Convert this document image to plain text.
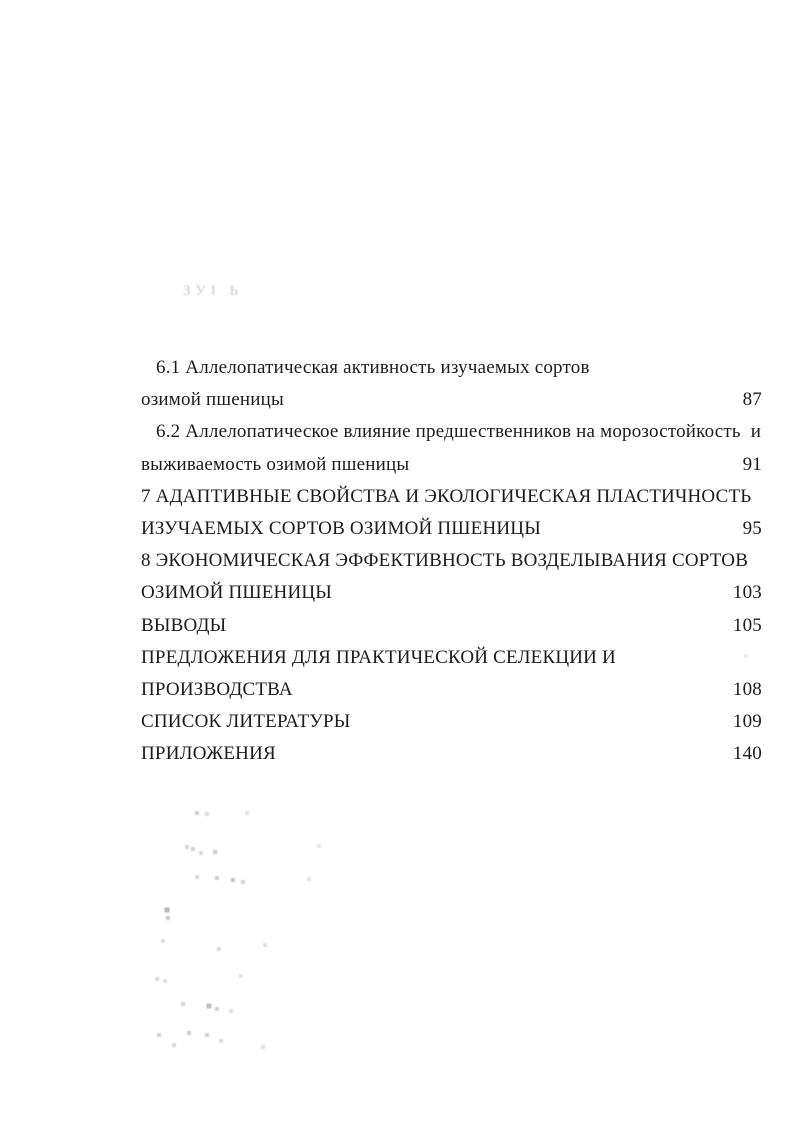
ЗУІ Ь
6.1 Аллелопатическая активность изучаемых сортов
озимой пшеницы	87
6.2 Аллелопатическое влияние предшественников на морозостойкость  и
выживаемость озимой пшеницы	91
7 АДАПТИВНЫЕ СВОЙСТВА И ЭКОЛОГИЧЕСКАЯ ПЛАСТИЧНОСТЬ
ИЗУЧАЕМЫХ СОРТОВ ОЗИМОЙ ПШЕНИЦЫ	95
8 ЭКОНОМИЧЕСКАЯ ЭФФЕКТИВНОСТЬ ВОЗДЕЛЫВАНИЯ СОРТОВ
ОЗИМОЙ ПШЕНИЦЫ	103
ВЫВОДЫ	105
ПРЕДЛОЖЕНИЯ ДЛЯ ПРАКТИЧЕСКОЙ СЕЛЕКЦИИ И
ПРОИЗВОДСТВА	108
СПИСОК ЛИТЕРАТУРЫ	109
ПРИЛОЖЕНИЯ	140
